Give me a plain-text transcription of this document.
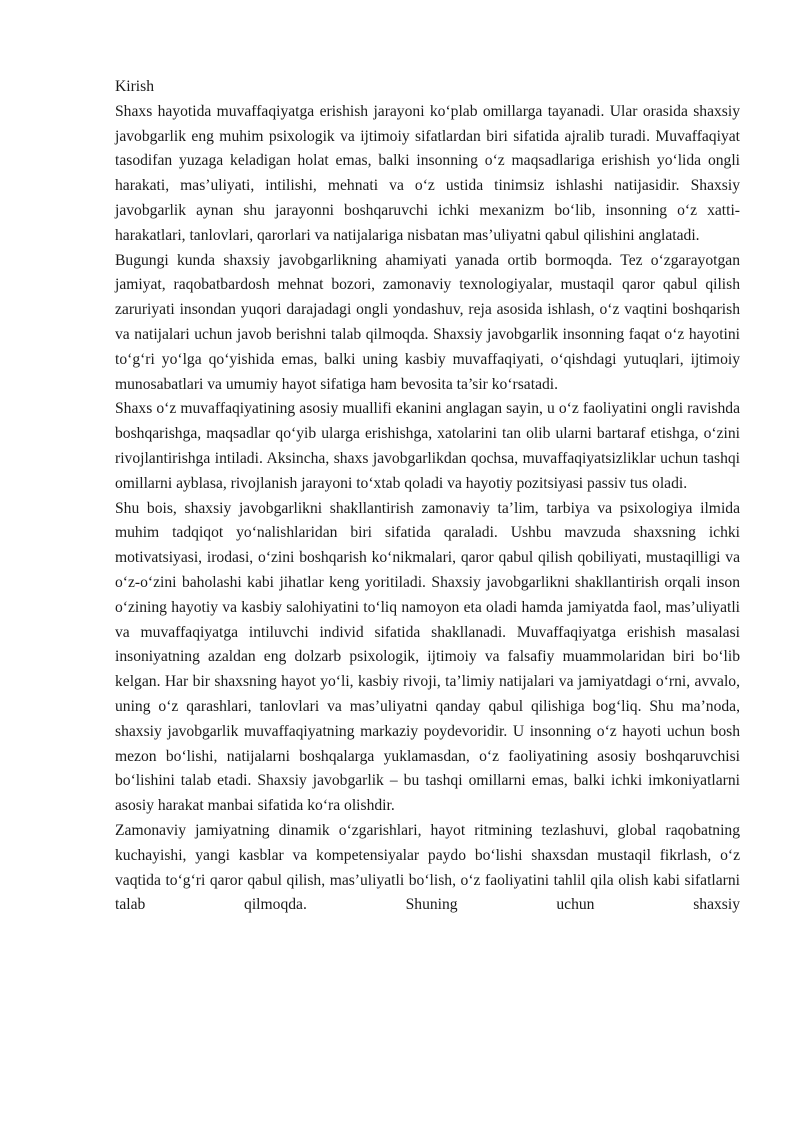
Kirish

Shaxs hayotida muvaffaqiyatga erishish jarayoni ko‘plab omillarga tayanadi. Ular orasida shaxsiy javobgarlik eng muhim psixologik va ijtimoiy sifatlardan biri sifatida ajralib turadi. Muvaffaqiyat tasodifan yuzaga keladigan holat emas, balki insonning o‘z maqsadlariga erishish yo‘lida ongli harakati, mas’uliyati, intilishi, mehnati va o‘z ustida tinimsiz ishlashi natijasidir. Shaxsiy javobgarlik aynan shu jarayonni boshqaruvchi ichki mexanizm bo‘lib, insonning o‘z xatti-harakatlari, tanlovlari, qarorlari va natijalariga nisbatan mas’uliyatni qabul qilishini anglatadi.

Bugungi kunda shaxsiy javobgarlikning ahamiyati yanada ortib bormoqda. Tez o‘zgarayotgan jamiyat, raqobatbardosh mehnat bozori, zamonaviy texnologiyalar, mustaqil qaror qabul qilish zaruriyati insondan yuqori darajadagi ongli yondashuv, reja asosida ishlash, o‘z vaqtini boshqarish va natijalari uchun javob berishni talab qilmoqda. Shaxsiy javobgarlik insonning faqat o‘z hayotini to‘g‘ri yo‘lga qo‘yishida emas, balki uning kasbiy muvaffaqiyati, o‘qishdagi yutuqlari, ijtimoiy munosabatlari va umumiy hayot sifatiga ham bevosita ta’sir ko‘rsatadi.

Shaxs o‘z muvaffaqiyatining asosiy muallifi ekanini anglagan sayin, u o‘z faoliyatini ongli ravishda boshqarishga, maqsadlar qo‘yib ularga erishishga, xatolarini tan olib ularni bartaraf etishga, o‘zini rivojlantirishga intiladi. Aksincha, shaxs javobgarlikdan qochsa, muvaffaqiyatsizliklar uchun tashqi omillarni ayblasa, rivojlanish jarayoni to‘xtab qoladi va hayotiy pozitsiyasi passiv tus oladi.

Shu bois, shaxsiy javobgarlikni shakllantirish zamonaviy ta’lim, tarbiya va psixologiya ilmida muhim tadqiqot yo‘nalishlaridan biri sifatida qaraladi. Ushbu mavzuda shaxsning ichki motivatsiyasi, irodasi, o‘zini boshqarish ko‘nikmalari, qaror qabul qilish qobiliyati, mustaqilligi va o‘z-o‘zini baholashi kabi jihatlar keng yoritiladi. Shaxsiy javobgarlikni shakllantirish orqali inson o‘zining hayotiy va kasbiy salohiyatini to‘liq namoyon eta oladi hamda jamiyatda faol, mas’uliyatli va muvaffaqiyatga intiluvchi individ sifatida shakllanadi. Muvaffaqiyatga erishish masalasi insoniyatning azaldan eng dolzarb psixologik, ijtimoiy va falsafiy muammolaridan biri bo‘lib kelgan. Har bir shaxsning hayot yo‘li, kasbiy rivoji, ta’limiy natijalari va jamiyatdagi o‘rni, avvalo, uning o‘z qarashlari, tanlovlari va mas’uliyatni qanday qabul qilishiga bog‘liq. Shu ma’noda, shaxsiy javobgarlik muvaffaqiyatning markaziy poydevoridir. U insonning o‘z hayoti uchun bosh mezon bo‘lishi, natijalarni boshqalarga yuklamasdan, o‘z faoliyatining asosiy boshqaruvchisi bo‘lishini talab etadi. Shaxsiy javobgarlik – bu tashqi omillarni emas, balki ichki imkoniyatlarni asosiy harakat manbai sifatida ko‘ra olishdir.

Zamonaviy jamiyatning dinamik o‘zgarishlari, hayot ritmining tezlashuvi, global raqobatning kuchayishi, yangi kasblar va kompetensiyalar paydo bo‘lishi shaxsdan mustaqil fikrlash, o‘z vaqtida to‘g‘ri qaror qabul qilish, mas’uliyatli bo‘lish, o‘z faoliyatini tahlil qila olish kabi sifatlarni talab qilmoqda. Shuning uchun shaxsiy
